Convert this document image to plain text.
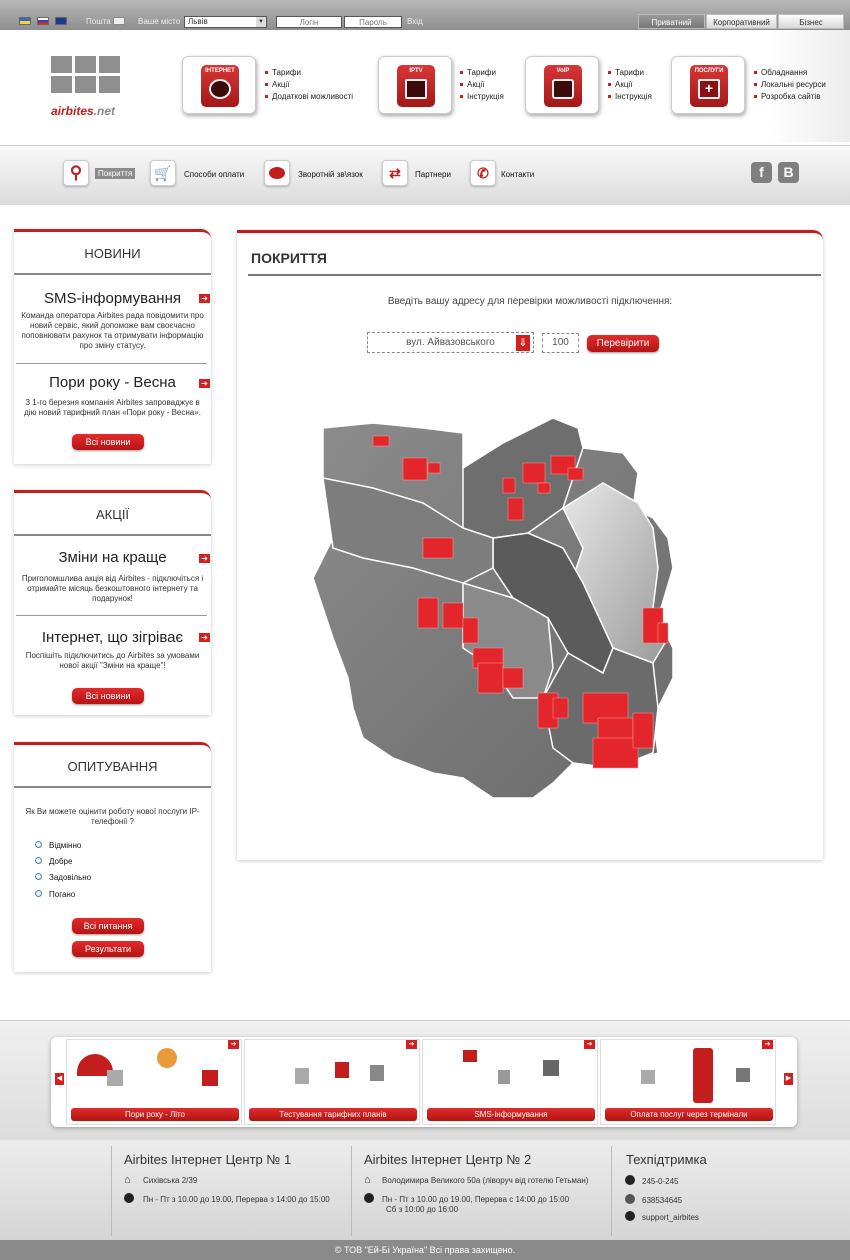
Пошта	Ваше місто Львів	▼
Логін
Пароль	Вхід	Приватний	Корпоративний	Бізнес
airbites.net
ІНТЕРНЕТ	Тарифи
Акції
Додаткові можливості
IPTV	Тарифи
Акції
Інструкція
VoIP	Тарифи
Акції
Інструкція
ПОСЛУГИ
+
Обладнання
Локальні ресурси
Розробка сайтів
⚲	Покриття	🛒	Способи оплати	Зворотній зв\язок	⇄	Партнери	✆	Контакти	f	B
НОВИНИ
SMS-інформування	➔
Команда оператора Airbites рада повідомити про новий сервіс, який допоможе вам своєчасно поповнювати рахунок та отримувати інформацію про зміну статусу.
Пори року - Весна	➔
З 1-го березня компанія Airbites запроваджує в дію новий тарифний план «Пори року - Весна».
Всі новини
АКЦІЇ
Зміни на краще	➔
Приголомшлива акція від Airbites - підключіться і отримайте місяць безкоштовного інтернету та подарунок!
Інтернет, що зігріває	➔
Поспішіть підключитись до Airbites за умовами нової акції "Зміни на краще"!
Всі новини
ОПИТУВАННЯ
Як Ви можете оцінити роботу нової послуги IP-телефонії ?
Відмінно
Добре
Задовільно
Погано
Всі питання
Результати
ПОКРИТТЯ
Введіть вашу адресу для перевірки можливості підключення:
вул. Айвазовського	⇓	100	Перевірити
◀	▶
➔
Пори року - Літо
➔
Тестування тарифних планів
➔
SMS-інформування
➔
Оплата послуг через термінали
Airbites Інтернет Центр № 1
⌂ Сихівська 2/39
Пн - Пт з 10.00 до 19.00, Перерва з 14:00 до 15:00
Airbites Інтернет Центр № 2
⌂ Володимира Великого 50а (ліворуч від готелю Гетьман)
Пн - Пт з 10.00 до 19.00, Перерва с 14:00 до 15:00
Сб з 10:00 до 16:00
Техпідтримка
245-0-245
638534645
support_airbites
© ТОВ "Ей-Бі Україна" Всі права захищено.
